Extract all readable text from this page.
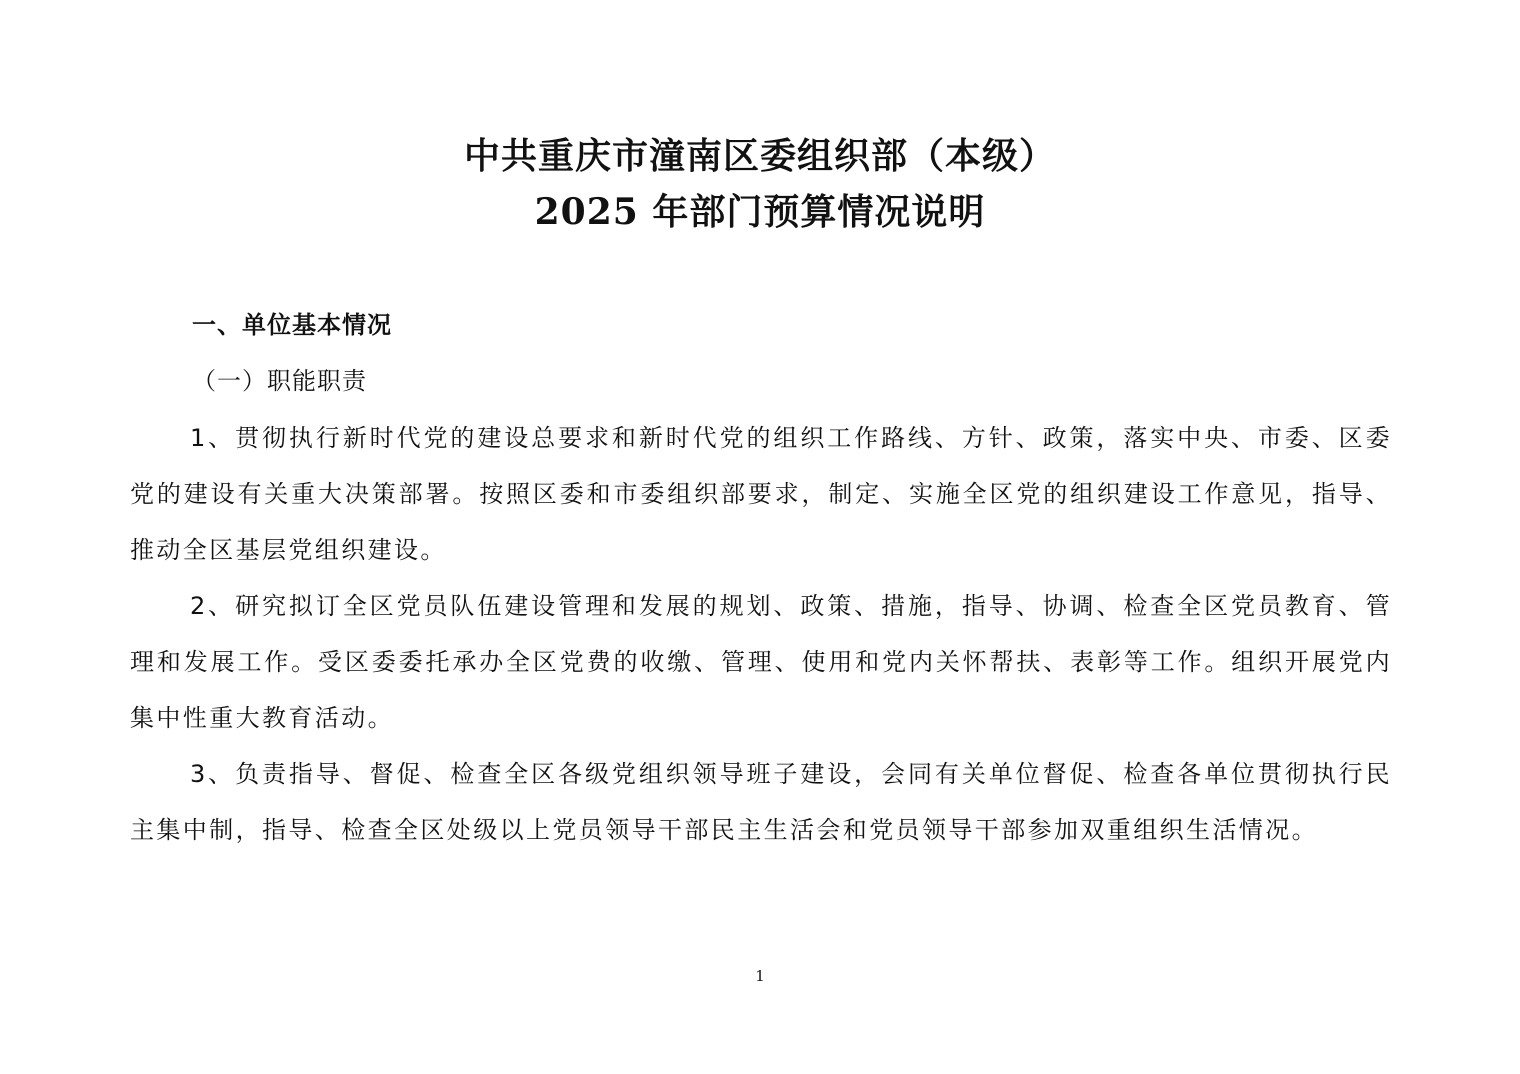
中共重庆市潼南区委组织部（本级）
2025 年部门预算情况说明
一、单位基本情况
（一）职能职责

1、贯彻执行新时代党的建设总要求和新时代党的组织工作路线、方针、政策，落实中央、市委、区委党的建设有关重大决策部署。按照区委和市委组织部要求，制定、实施全区党的组织建设工作意见，指导、推动全区基层党组织建设。

2、研究拟订全区党员队伍建设管理和发展的规划、政策、措施，指导、协调、检查全区党员教育、管理和发展工作。受区委委托承办全区党费的收缴、管理、使用和党内关怀帮扶、表彰等工作。组织开展党内集中性重大教育活动。

3、负责指导、督促、检查全区各级党组织领导班子建设，会同有关单位督促、检查各单位贯彻执行民主集中制，指导、检查全区处级以上党员领导干部民主生活会和党员领导干部参加双重组织生活情况。

1
